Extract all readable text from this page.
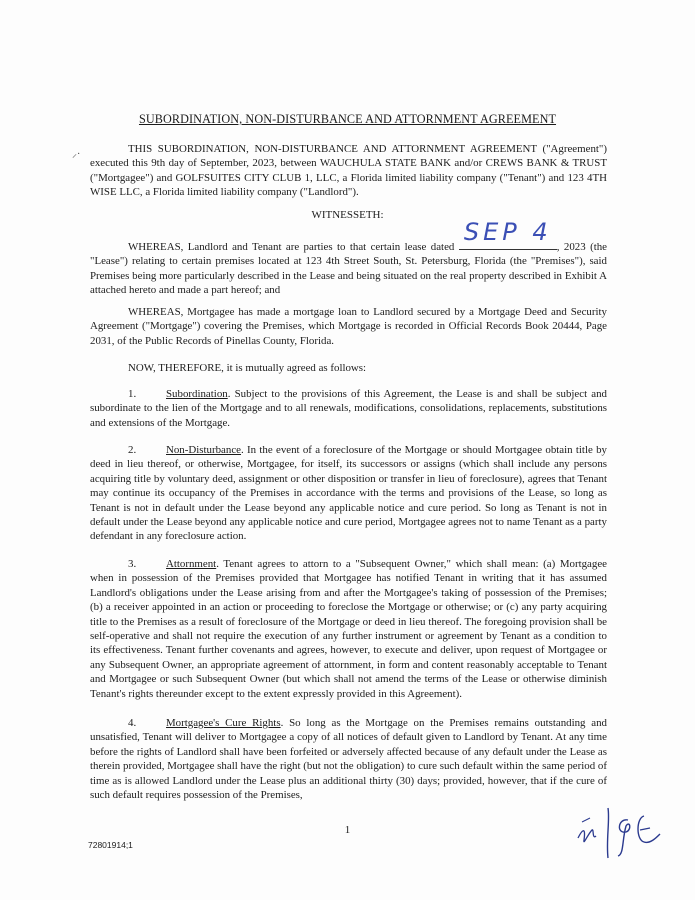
⸝·
SUBORDINATION, NON-DISTURBANCE AND ATTORNMENT AGREEMENT
THIS SUBORDINATION, NON-DISTURBANCE AND ATTORNMENT AGREEMENT ("Agreement") executed this 9th day of September, 2023, between WAUCHULA STATE BANK and/or CREWS BANK & TRUST ("Mortgagee") and GOLFSUITES CITY CLUB 1, LLC, a Florida limited liability company ("Tenant") and 123 4TH WISE LLC, a Florida limited liability company ("Landlord").
WITNESSETH:
WHEREAS, Landlord and Tenant are parties to that certain lease dated
SEP 4
, 2023 (the "Lease") relating to certain premises located at 123 4th Street South, St. Petersburg, Florida (the "Premises"), said Premises being more particularly described in the Lease and being situated on the real property described in Exhibit A attached hereto and made a part hereof; and
WHEREAS, Mortgagee has made a mortgage loan to Landlord secured by a Mortgage Deed and Security Agreement ("Mortgage") covering the Premises, which Mortgage is recorded in Official Records Book 20444, Page 2031, of the Public Records of Pinellas County, Florida.
NOW, THEREFORE, it is mutually agreed as follows:
1.	Subordination. Subject to the provisions of this Agreement, the Lease is and shall be subject and subordinate to the lien of the Mortgage and to all renewals, modifications, consolidations, replacements, substitutions and extensions of the Mortgage.
2.	Non-Disturbance. In the event of a foreclosure of the Mortgage or should Mortgagee obtain title by deed in lieu thereof, or otherwise, Mortgagee, for itself, its successors or assigns (which shall include any persons acquiring title by voluntary deed, assignment or other disposition or transfer in lieu of foreclosure), agrees that Tenant may continue its occupancy of the Premises in accordance with the terms and provisions of the Lease, so long as Tenant is not in default under the Lease beyond any applicable notice and cure period. So long as Tenant is not in default under the Lease beyond any applicable notice and cure period, Mortgagee agrees not to name Tenant as a party defendant in any foreclosure action.
3.	Attornment. Tenant agrees to attorn to a "Subsequent Owner," which shall mean: (a) Mortgagee when in possession of the Premises provided that Mortgagee has notified Tenant in writing that it has assumed Landlord's obligations under the Lease arising from and after the Mortgagee's taking of possession of the Premises; (b) a receiver appointed in an action or proceeding to foreclose the Mortgage or otherwise; or (c) any party acquiring title to the Premises as a result of foreclosure of the Mortgage or deed in lieu thereof. The foregoing provision shall be self-operative and shall not require the execution of any further instrument or agreement by Tenant as a condition to its effectiveness. Tenant further covenants and agrees, however, to execute and deliver, upon request of Mortgagee or any Subsequent Owner, an appropriate agreement of attornment, in form and content reasonably acceptable to Tenant and Mortgagee or such Subsequent Owner (but which shall not amend the terms of the Lease or otherwise diminish Tenant's rights thereunder except to the extent expressly provided in this Agreement).
4.	Mortgagee's Cure Rights. So long as the Mortgage on the Premises remains outstanding and unsatisfied, Tenant will deliver to Mortgagee a copy of all notices of default given to Landlord by Tenant. At any time before the rights of Landlord shall have been forfeited or adversely affected because of any default under the Lease as therein provided, Mortgagee shall have the right (but not the obligation) to cure such default within the same period of time as is allowed Landlord under the Lease plus an additional thirty (30) days; provided, however, that if the cure of such default requires possession of the Premises,
1
72801914;1
